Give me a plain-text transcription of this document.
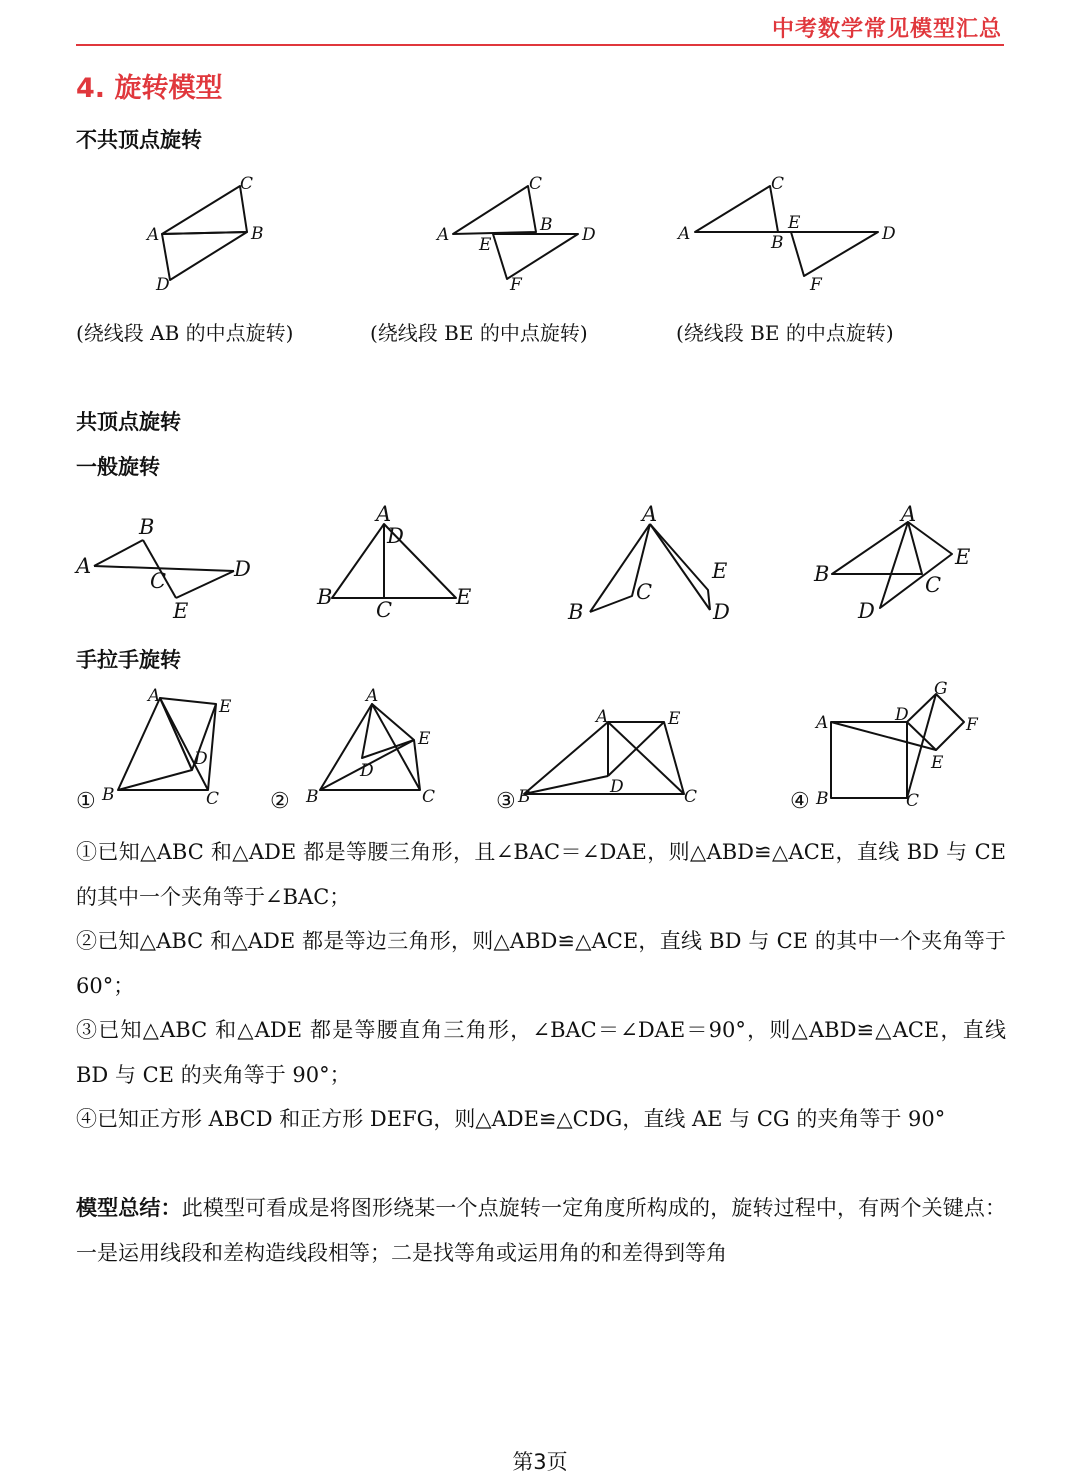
中考数学常见模型汇总
4. 旋转模型
不共顶点旋转
C
A	B
D
(绕线段 AB 的中点旋转)
C
A	B D
E
F
(绕线段 BE 的中点旋转)
C
A
E
B	D
F
(绕线段 BE 的中点旋转)
共顶点旋转
一般旋转
B
A
C	D
E
A
D
B
C
E
A
E
C
B	D
A
E
B	C
D
手拉手旋转
①
A
E
D
B	C ②
A
E
D
B	C	③
A	E
D
B	C	④
A	D
G
F
E
B	C

①已知△ABC 和△ADE 都是等腰三角形，且∠BAC＝∠DAE，则△ABD≌△ACE，直线 BD 与 CE 的其中一个夹角等于∠BAC；

②已知△ABC 和△ADE 都是等边三角形，则△ABD≌△ACE，直线 BD 与 CE 的其中一个夹角等于 60°；

③已知△ABC 和△ADE 都是等腰直角三角形，∠BAC＝∠DAE＝90°，则△ABD≌△ACE，直线 BD 与 CE 的夹角等于 90°；

④已知正方形 ABCD 和正方形 DEFG，则△ADE≌△CDG，直线 AE 与 CG 的夹角等于 90°

模型总结：此模型可看成是将图形绕某一个点旋转一定角度所构成的，旋转过程中，有两个关键点：一是运用线段和差构造线段相等；二是找等角或运用角的和差得到等角
第3页
